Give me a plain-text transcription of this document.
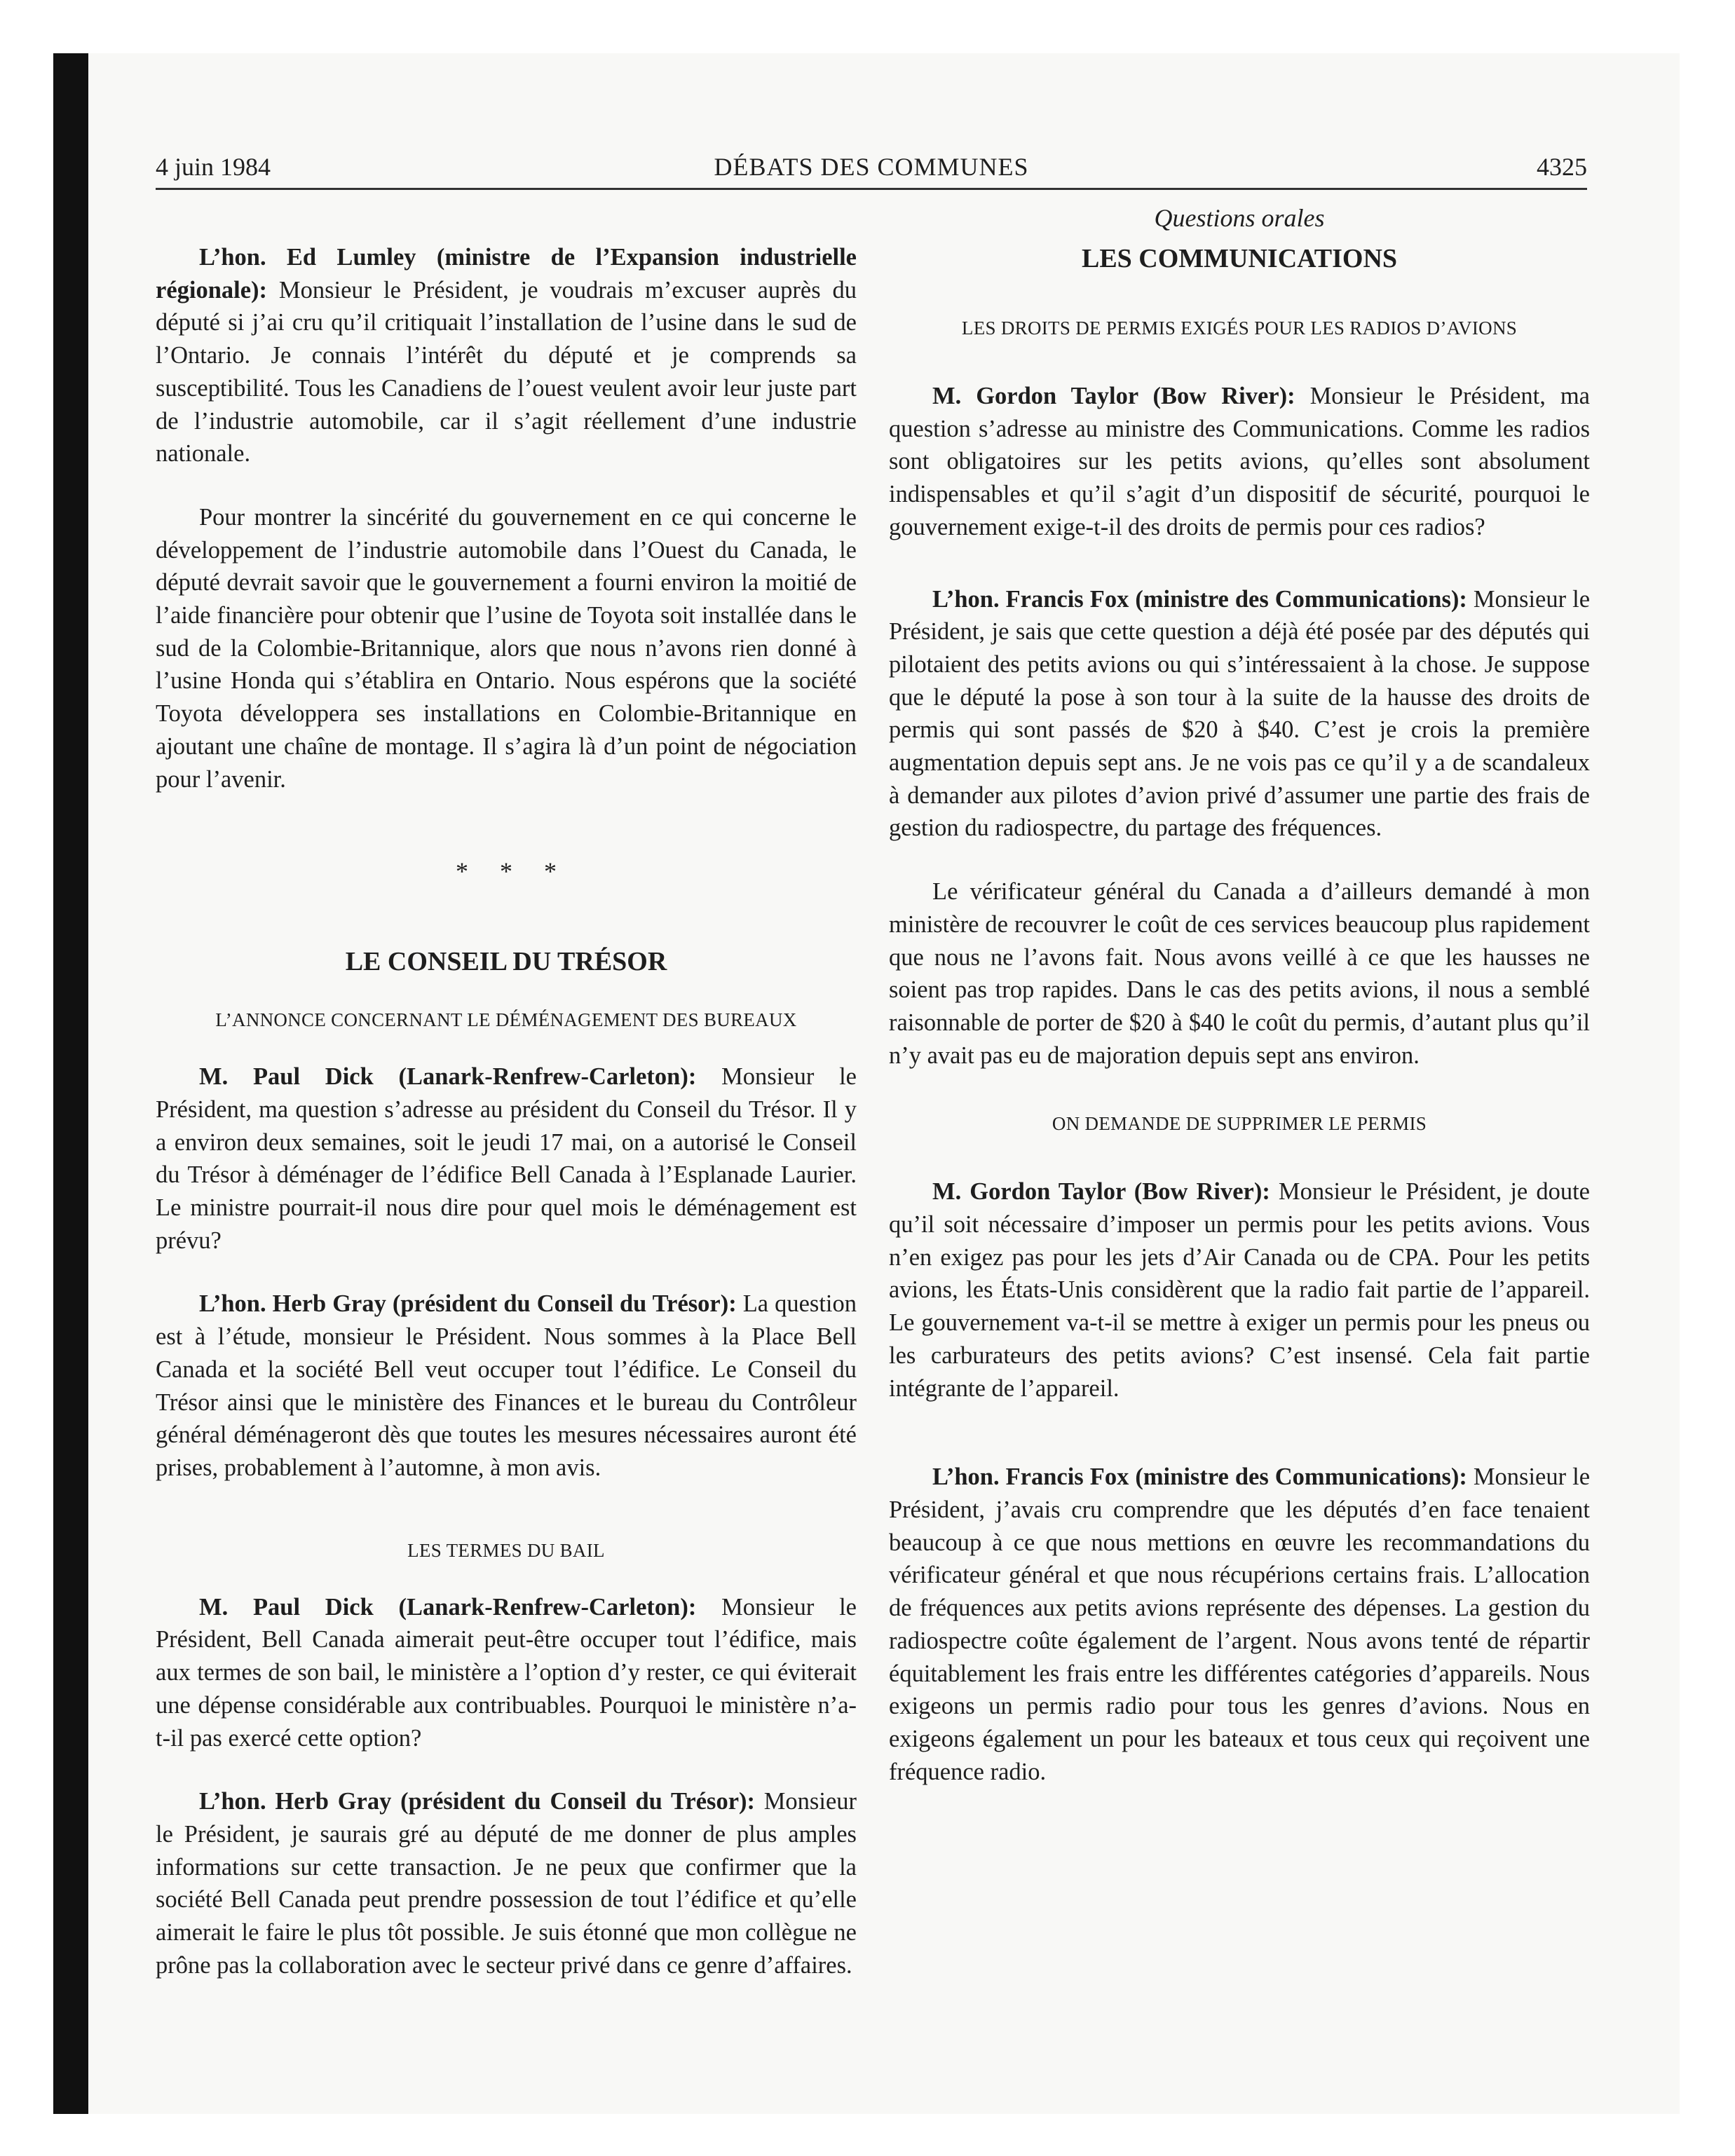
4 juin 1984	DÉBATS DES COMMUNES	4325

L’hon. Ed Lumley (ministre de l’Expansion industrielle régionale): Monsieur le Président, je voudrais m’excuser auprès du député si j’ai cru qu’il critiquait l’installation de l’usine dans le sud de l’Ontario. Je connais l’intérêt du député et je comprends sa susceptibilité. Tous les Canadiens de l’ouest veulent avoir leur juste part de l’industrie automobile, car il s’agit réellement d’une industrie nationale.

Pour montrer la sincérité du gouvernement en ce qui concerne le développement de l’industrie automobile dans l’Ouest du Canada, le député devrait savoir que le gouvernement a fourni environ la moitié de l’aide financière pour obtenir que l’usine de Toyota soit installée dans le sud de la Colombie-Britannique, alors que nous n’avons rien donné à l’usine Honda qui s’établira en Ontario. Nous espérons que la société Toyota développera ses installations en Colombie-Britannique en ajoutant une chaîne de montage. Il s’agira là d’un point de négociation pour l’avenir.

* * *
LE CONSEIL DU TRÉSOR
L’ANNONCE CONCERNANT LE DÉMÉNAGEMENT DES BUREAUX

M. Paul Dick (Lanark-Renfrew-Carleton): Monsieur le Président, ma question s’adresse au président du Conseil du Trésor. Il y a environ deux semaines, soit le jeudi 17 mai, on a autorisé le Conseil du Trésor à déménager de l’édifice Bell Canada à l’Esplanade Laurier. Le ministre pourrait-il nous dire pour quel mois le déménagement est prévu?

L’hon. Herb Gray (président du Conseil du Trésor): La question est à l’étude, monsieur le Président. Nous sommes à la Place Bell Canada et la société Bell veut occuper tout l’édifice. Le Conseil du Trésor ainsi que le ministère des Finances et le bureau du Contrôleur général déménageront dès que toutes les mesures nécessaires auront été prises, probablement à l’automne, à mon avis.

LES TERMES DU BAIL

M. Paul Dick (Lanark-Renfrew-Carleton): Monsieur le Président, Bell Canada aimerait peut-être occuper tout l’édifice, mais aux termes de son bail, le ministère a l’option d’y rester, ce qui éviterait une dépense considérable aux contribuables. Pourquoi le ministère n’a-t-il pas exercé cette option?

L’hon. Herb Gray (président du Conseil du Trésor): Monsieur le Président, je saurais gré au député de me donner de plus amples informations sur cette transaction. Je ne peux que confirmer que la société Bell Canada peut prendre possession de tout l’édifice et qu’elle aimerait le faire le plus tôt possible. Je suis étonné que mon collègue ne prône pas la collaboration avec le secteur privé dans ce genre d’affaires.

Questions orales
LES COMMUNICATIONS
LES DROITS DE PERMIS EXIGÉS POUR LES RADIOS D’AVIONS

M. Gordon Taylor (Bow River): Monsieur le Président, ma question s’adresse au ministre des Communications. Comme les radios sont obligatoires sur les petits avions, qu’elles sont absolument indispensables et qu’il s’agit d’un dispositif de sécurité, pourquoi le gouvernement exige-t-il des droits de permis pour ces radios?

L’hon. Francis Fox (ministre des Communications): Monsieur le Président, je sais que cette question a déjà été posée par des députés qui pilotaient des petits avions ou qui s’intéressaient à la chose. Je suppose que le député la pose à son tour à la suite de la hausse des droits de permis qui sont passés de $20 à $40. C’est je crois la première augmentation depuis sept ans. Je ne vois pas ce qu’il y a de scandaleux à demander aux pilotes d’avion privé d’assumer une partie des frais de gestion du radiospectre, du partage des fréquences.

Le vérificateur général du Canada a d’ailleurs demandé à mon ministère de recouvrer le coût de ces services beaucoup plus rapidement que nous ne l’avons fait. Nous avons veillé à ce que les hausses ne soient pas trop rapides. Dans le cas des petits avions, il nous a semblé raisonnable de porter de $20 à $40 le coût du permis, d’autant plus qu’il n’y avait pas eu de majoration depuis sept ans environ.

ON DEMANDE DE SUPPRIMER LE PERMIS

M. Gordon Taylor (Bow River): Monsieur le Président, je doute qu’il soit nécessaire d’imposer un permis pour les petits avions. Vous n’en exigez pas pour les jets d’Air Canada ou de CPA. Pour les petits avions, les États-Unis considèrent que la radio fait partie de l’appareil. Le gouvernement va-t-il se mettre à exiger un permis pour les pneus ou les carburateurs des petits avions? C’est insensé. Cela fait partie intégrante de l’appareil.

L’hon. Francis Fox (ministre des Communications): Monsieur le Président, j’avais cru comprendre que les députés d’en face tenaient beaucoup à ce que nous mettions en œuvre les recommandations du vérificateur général et que nous récupérions certains frais. L’allocation de fréquences aux petits avions représente des dépenses. La gestion du radiospectre coûte également de l’argent. Nous avons tenté de répartir équitablement les frais entre les différentes catégories d’appareils. Nous exigeons un permis radio pour tous les genres d’avions. Nous en exigeons également un pour les bateaux et tous ceux qui reçoivent une fréquence radio.
